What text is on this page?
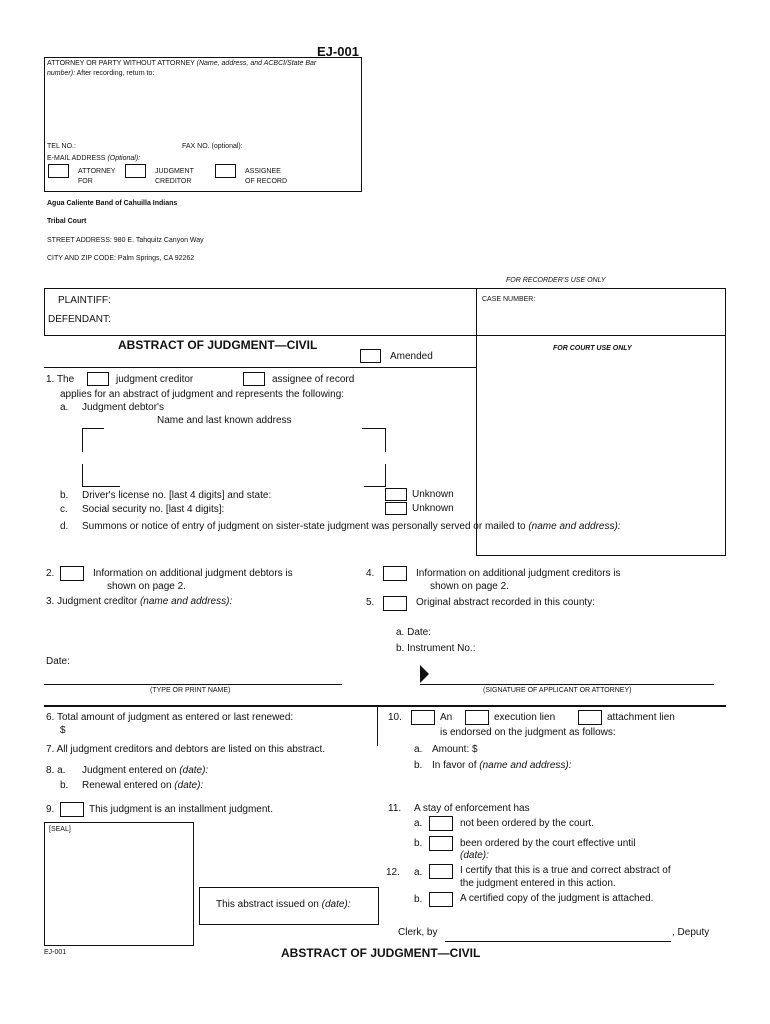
EJ-001
ATTORNEY OR PARTY WITHOUT ATTORNEY (Name, address, and ACBCI/State Bar
number): After recording, return to:
TEL NO.:	FAX NO. (optional):
E-MAIL ADDRESS (Optional):
ATTORNEY
FOR
JUDGMENT
CREDITOR
ASSIGNEE
OF RECORD
Agua Caliente Band of Cahuilla Indians
Tribal Court
STREET ADDRESS: 980 E. Tahquitz Canyon Way
CITY AND ZIP CODE: Palm Springs, CA 92262
FOR RECORDER'S USE ONLY
PLAINTIFF:
DEFENDANT:
CASE NUMBER:
ABSTRACT OF JUDGMENT—CIVIL	FOR COURT USE ONLY
Amended
1. The	judgment creditor	assignee of record
applies for an abstract of judgment and represents the following:
a. Judgment debtor's
Name and last known address
b. Driver's license no. [last 4 digits] and state:	Unknown
c. Social security no. [last 4 digits]:	Unknown
d. Summons or notice of entry of judgment on sister-state judgment was personally served or mailed to (name and address):
2.	Information on additional judgment debtors is
shown on page 2.
3. Judgment creditor (name and address):
4.	Information on additional judgment creditors is
shown on page 2.
5.	Original abstract recorded in this county:
a. Date:
b. Instrument No.:
Date:
(TYPE OR PRINT NAME)	(SIGNATURE OF APPLICANT OR ATTORNEY)
6. Total amount of judgment as entered or last renewed:
$
7. All judgment creditors and debtors are listed on this abstract.
8. a. Judgment entered on (date):
b. Renewal entered on (date):
9.	This judgment is an installment judgment.
[SEAL]
This abstract issued on (date):
10.	An	execution lien	attachment lien
is endorsed on the judgment as follows:
a. Amount: $
b. In favor of (name and address):
11. A stay of enforcement has
a.	not been ordered by the court.
b.	been ordered by the court effective until
(date):
12. a.	I certify that this is a true and correct abstract of
the judgment entered in this action.
b.	A certified copy of the judgment is attached.
Clerk, by	, Deputy
EJ-001	ABSTRACT OF JUDGMENT—CIVIL
